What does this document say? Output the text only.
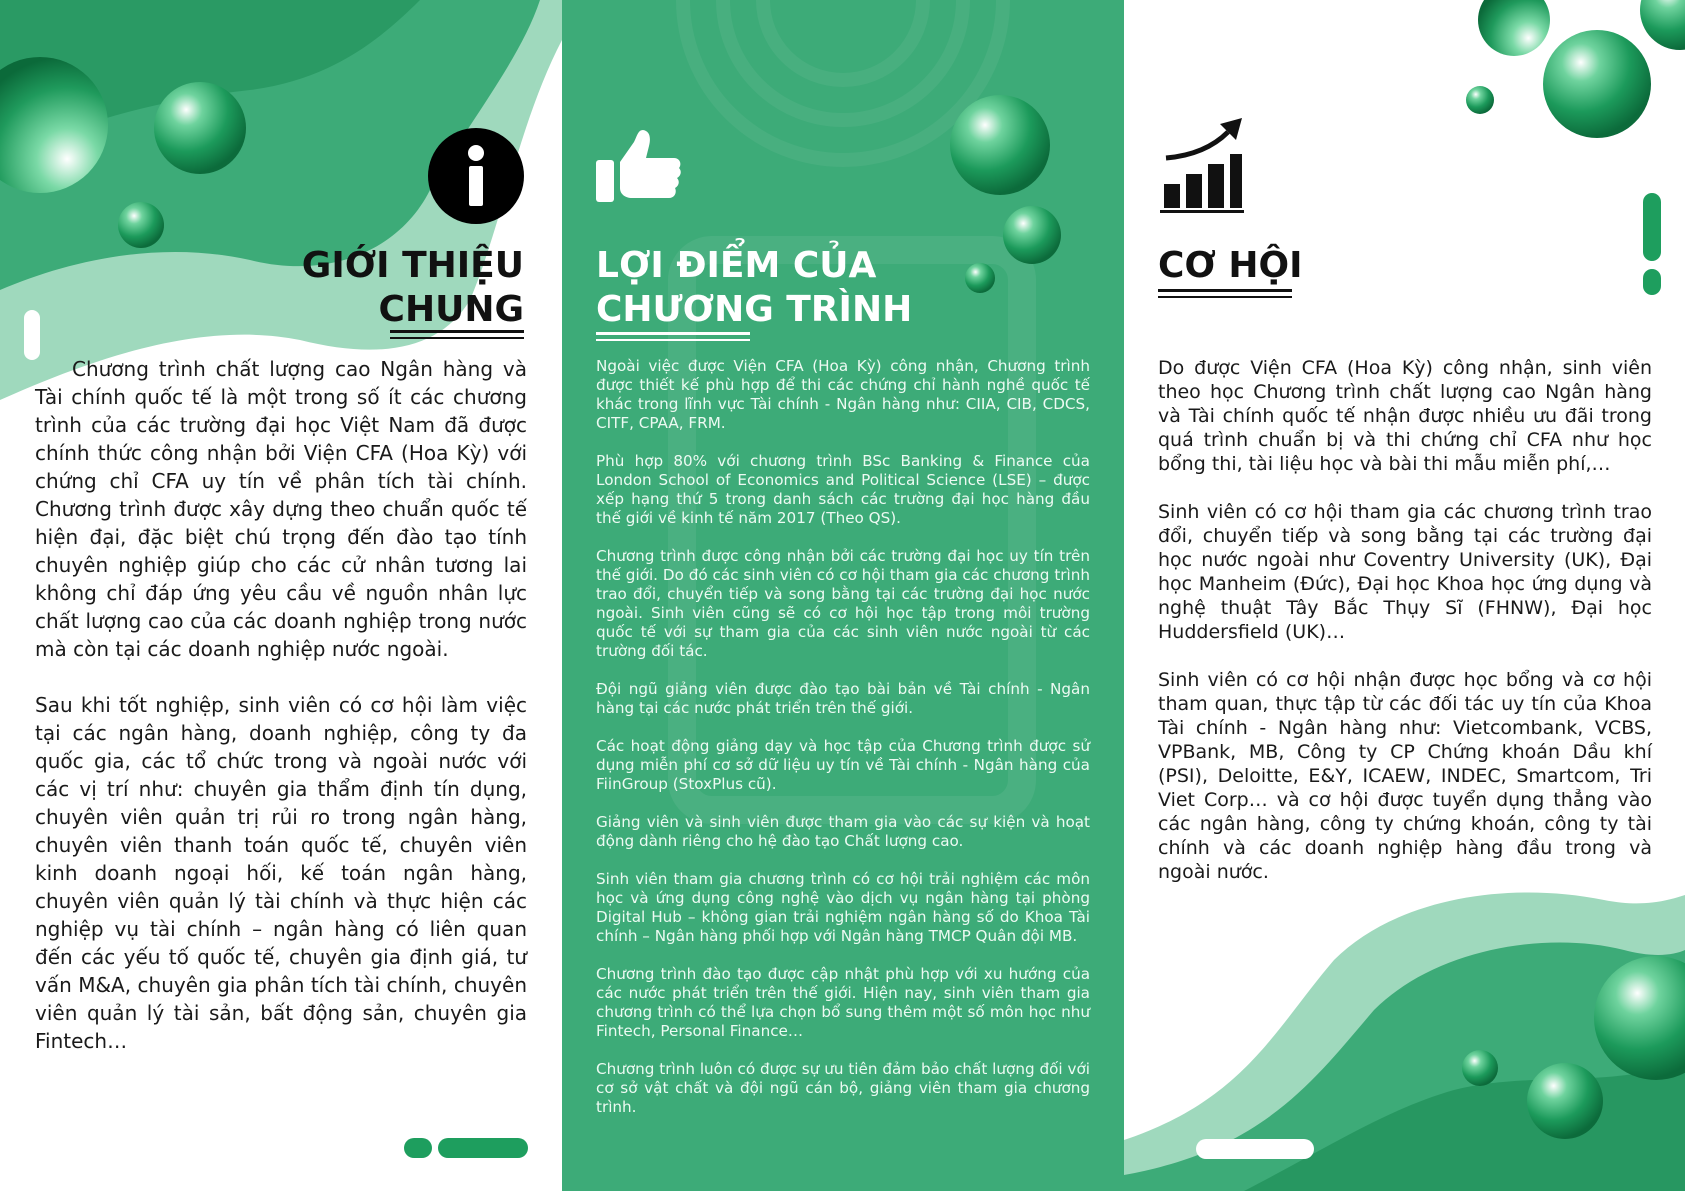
GIỚI THIỆU
CHUNG

Chương trình chất lượng cao Ngân hàng và Tài chính quốc tế là một trong số ít các chương trình của các trường đại học Việt Nam đã được chính thức công nhận bởi Viện CFA (Hoa Kỳ) với chứng chỉ CFA uy tín về phân tích tài chính. Chương trình được xây dựng theo chuẩn quốc tế hiện đại, đặc biệt chú trọng đến đào tạo tính chuyên nghiệp giúp cho các cử nhân tương lai không chỉ đáp ứng yêu cầu về nguồn nhân lực chất lượng cao của các doanh nghiệp trong nước mà còn tại các doanh nghiệp nước ngoài.

Sau khi tốt nghiệp, sinh viên có cơ hội làm việc tại các ngân hàng, doanh nghiệp, công ty đa quốc gia, các tổ chức trong và ngoài nước với các vị trí như: chuyên gia thẩm định tín dụng, chuyên viên quản trị rủi ro trong ngân hàng, chuyên viên thanh toán quốc tế, chuyên viên kinh doanh ngoại hối, kế toán ngân hàng, chuyên viên quản lý tài chính và thực hiện các nghiệp vụ tài chính – ngân hàng có liên quan đến các yếu tố quốc tế, chuyên gia định giá, tư vấn M&A, chuyên gia phân tích tài chính, chuyên viên quản lý tài sản, bất động sản, chuyên gia Fintech…

LỢI ĐIỂM CỦA
CHƯƠNG TRÌNH

Ngoài việc được Viện CFA (Hoa Kỳ) công nhận, Chương trình được thiết kế phù hợp để thi các chứng chỉ hành nghề quốc tế khác trong lĩnh vực Tài chính - Ngân hàng như: CIIA, CIB, CDCS, CITF, CPAA, FRM.

Phù hợp 80% với chương trình BSc Banking & Finance của London School of Economics and Political Science (LSE) – được xếp hạng thứ 5 trong danh sách các trường đại học hàng đầu thế giới về kinh tế năm 2017 (Theo QS).

Chương trình được công nhận bởi các trường đại học uy tín trên thế giới. Do đó các sinh viên có cơ hội tham gia các chương trình trao đổi, chuyển tiếp và song bằng tại các trường đại học nước ngoài. Sinh viên cũng sẽ có cơ hội học tập trong môi trường quốc tế với sự tham gia của các sinh viên nước ngoài từ các trường đối tác.

Đội ngũ giảng viên được đào tạo bài bản về Tài chính - Ngân hàng tại các nước phát triển trên thế giới.

Các hoạt động giảng dạy và học tập của Chương trình được sử dụng miễn phí cơ sở dữ liệu uy tín về Tài chính - Ngân hàng của FiinGroup (StoxPlus cũ).

Giảng viên và sinh viên được tham gia vào các sự kiện và hoạt động dành riêng cho hệ đào tạo Chất lượng cao.

Sinh viên tham gia chương trình có cơ hội trải nghiệm các môn học và ứng dụng công nghệ vào dịch vụ ngân hàng tại phòng Digital Hub – không gian trải nghiệm ngân hàng số do Khoa Tài chính – Ngân hàng phối hợp với Ngân hàng TMCP Quân đội MB.

Chương trình đào tạo được cập nhật phù hợp với xu hướng của các nước phát triển trên thế giới. Hiện nay, sinh viên tham gia chương trình có thể lựa chọn bổ sung thêm một số môn học như Fintech, Personal Finance…

Chương trình luôn có được sự ưu tiên đảm bảo chất lượng đối với cơ sở vật chất và đội ngũ cán bộ, giảng viên tham gia chương trình.

CƠ HỘI

Do được Viện CFA (Hoa Kỳ) công nhận, sinh viên theo học Chương trình chất lượng cao Ngân hàng và Tài chính quốc tế nhận được nhiều ưu đãi trong quá trình chuẩn bị và thi chứng chỉ CFA như học bổng thi, tài liệu học và bài thi mẫu miễn phí,…

Sinh viên có cơ hội tham gia các chương trình trao đổi, chuyển tiếp và song bằng tại các trường đại học nước ngoài như Coventry University (UK), Đại học Manheim (Đức), Đại học Khoa học ứng dụng và nghệ thuật Tây Bắc Thụy Sĩ (FHNW), Đại học Huddersfield (UK)…

Sinh viên có cơ hội nhận được học bổng và cơ hội tham quan, thực tập từ các đối tác uy tín của Khoa Tài chính - Ngân hàng như: Vietcombank, VCBS, VPBank, MB, Công ty CP Chứng khoán Dầu khí (PSI), Deloitte, E&Y, ICAEW, INDEC, Smartcom, Tri Viet Corp… và cơ hội được tuyển dụng thẳng vào các ngân hàng, công ty chứng khoán, công ty tài chính và các doanh nghiệp hàng đầu trong và ngoài nước.
